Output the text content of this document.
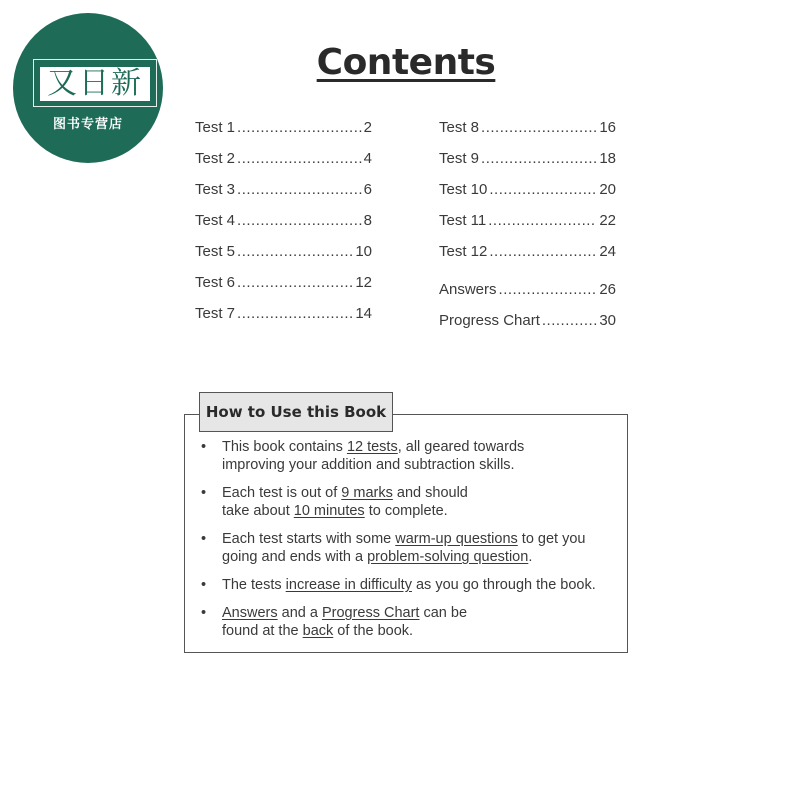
又日新
图书专营店
Contents
Test 1 .....	2
Test 2 .....	4
Test 3 .....	6
Test 4 .....	8
Test 5 .....	10
Test 6 .....	12
Test 7 .....	14
Test 8 .....	16
Test 9 .....	18
Test 10 .....	20
Test 11 .....	22
Test 12 .....	24
Answers .....	26
Progress Chart .....	30
How to Use this Book
• This book contains 12 tests, all geared towards
improving your addition and subtraction skills.
• Each test is out of 9 marks and should
take about 10 minutes to complete.
• Each test starts with some warm-up questions to get you
going and ends with a problem-solving question.
• The tests increase in difficulty as you go through the book.
• Answers and a Progress Chart can be
found at the back of the book.
